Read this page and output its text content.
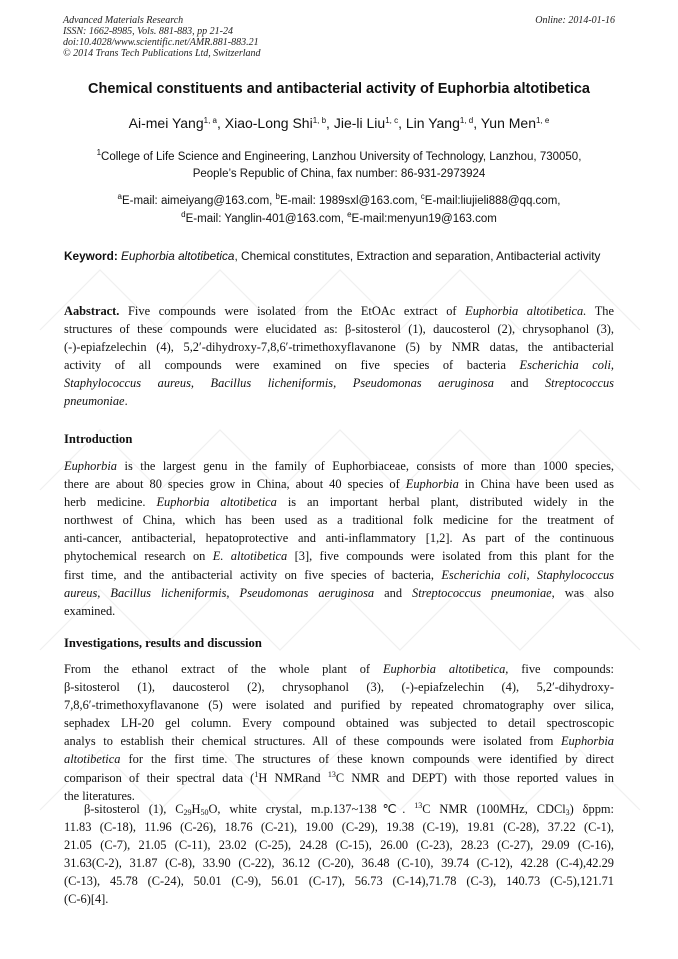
Advanced Materials Research
ISSN: 1662-8985, Vols. 881-883, pp 21-24
doi:10.4028/www.scientific.net/AMR.881-883.21
© 2014 Trans Tech Publications Ltd, Switzerland
Online: 2014-01-16
Chemical constituents and antibacterial activity of Euphorbia altotibetica
Ai-mei Yang$^{1, a}$, Xiao-Long Shi$^{1, b}$, Jie-li Liu$^{1, c}$, Lin Yang$^{1, d}$, Yun Men$^{1, e}$
$^1$College of Life Science and Engineering, Lanzhou University of Technology, Lanzhou, 730050,
People’s Republic of China, fax number: 86-931-2973924
$^a$E-mail: aimeiyang@163.com, $^b$E-mail: 1989sxl@163.com, $^c$E-mail:liujieli888@qq.com,
$^d$E-mail: Yanglin-401@163.com, $^e$E-mail:menyun19@163.com
Keyword: Euphorbia altotibetica, Chemical constitutes, Extraction and separation, Antibacterial activity
Aabstract. Five compounds were isolated from the EtOAc extract of Euphorbia altotibetica. The
structures of these compounds were elucidated as: β-sitosterol (1), daucosterol (2), chrysophanol (3),
(-)-epiafzelechin (4), 5,2′-dihydroxy-7,8,6′-trimethoxyflavanone (5) by NMR datas, the antibacterial
activity of all compounds were examined on five species of bacteria Escherichia coli,
Staphylococcus aureus, Bacillus licheniformis, Pseudomonas aeruginosa and Streptococcus
pneumoniae.
Introduction
Euphorbia is the largest genu in the family of Euphorbiaceae, consists of more than 1000 species,
there are about 80 species grow in China, about 40 species of Euphorbia in China have been used as
herb medicine. Euphorbia altotibetica is an important herbal plant, distributed widely in the
northwest of China, which has been used as a traditional folk medicine for the treatment of
anti-cancer, antibacterial, hepatoprotective and anti-inflammatory [1,2]. As part of the continuous
phytochemical research on E. altotibetica [3], five compounds were isolated from this plant for the
first time, and the antibacterial activity on five species of bacteria, Escherichia coli, Staphylococcus
aureus, Bacillus licheniformis, Pseudomonas aeruginosa and Streptococcus pneumoniae, was also
examined.
Investigations, results and discussion
From the ethanol extract of the whole plant of Euphorbia altotibetica, five compounds:
β-sitosterol (1), daucosterol (2), chrysophanol (3), (-)-epiafzelechin (4), 5,2′-dihydroxy-
7,8,6′-trimethoxyflavanone (5) were isolated and purified by repeated chromatography over silica,
sephadex LH-20 gel column. Every compound obtained was subjected to detail spectroscopic
analys to establish their chemical structures. All of these compounds were isolated from Euphorbia
altotibetica for the first time. The structures of these known compounds were identified by direct
comparison of their spectral data ($^1$H NMRand $^{13}$C NMR and DEPT) with those reported values in
the literatures.
β-sitosterol (1), $C_{29}H_{50}O$, white crystal, m.p.137~138℃. $^{13}$C NMR (100MHz, CDCl$_3$) δppm:
11.83 (C-18), 11.96 (C-26), 18.76 (C-21), 19.00 (C-29), 19.38 (C-19), 19.81 (C-28), 37.22 (C-1),
21.05 (C-7), 21.05 (C-11), 23.02 (C-25), 24.28 (C-15), 26.00 (C-23), 28.23 (C-27), 29.09 (C-16),
31.63(C-2), 31.87 (C-8), 33.90 (C-22), 36.12 (C-20), 36.48 (C-10), 39.74 (C-12), 42.28 (C-4),42.29
(C-13), 45.78 (C-24), 50.01 (C-9), 56.01 (C-17), 56.73 (C-14),71.78 (C-3), 140.73 (C-5),121.71
(C-6)[4].
